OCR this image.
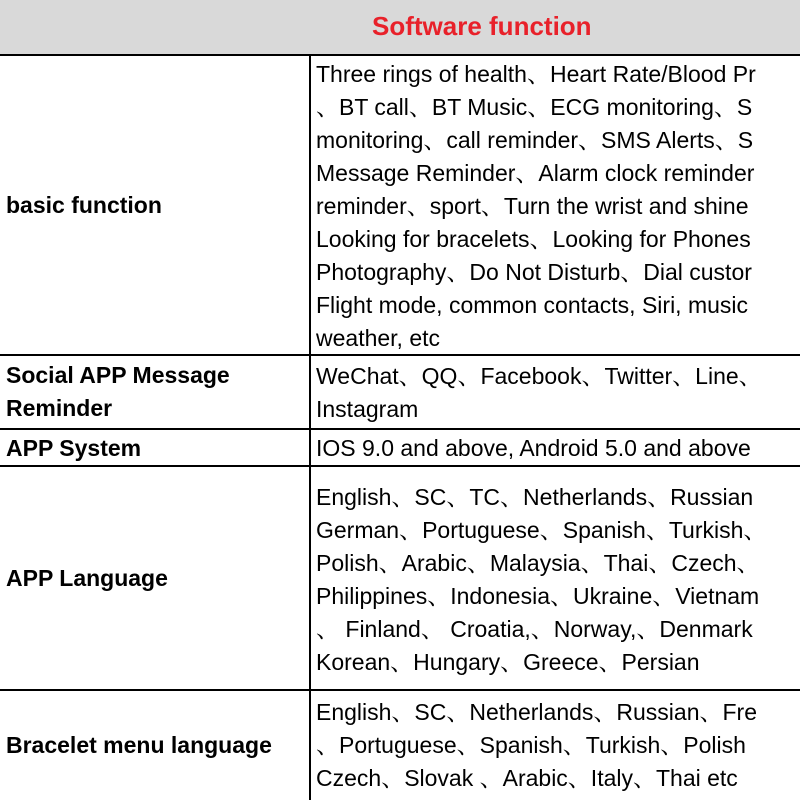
Software function
basic function
Three rings of health、Heart Rate/Blood Pr
、BT call、BT Music、ECG monitoring、S
monitoring、call reminder、SMS Alerts、S
Message Reminder、Alarm clock reminder
reminder、sport、Turn the wrist and shine
Looking for bracelets、Looking for Phones
Photography、Do Not Disturb、Dial custor
Flight mode, common contacts, Siri, music
weather, etc
Social APP Message
Reminder
WeChat、QQ、Facebook、Twitter、Line、
Instagram
APP System	IOS 9.0 and above, Android 5.0 and above
APP Language
English、SC、TC、Netherlands、Russian
German、Portuguese、Spanish、Turkish、
Polish、Arabic、Malaysia、Thai、Czech、
Philippines、Indonesia、Ukraine、Vietnam
、 Finland、 Croatia,、Norway,、Denmark
Korean、Hungary、Greece、Persian
Bracelet menu language
English、SC、Netherlands、Russian、Fre
、Portuguese、Spanish、Turkish、Polish
Czech、Slovak 、Arabic、Italy、Thai etc
